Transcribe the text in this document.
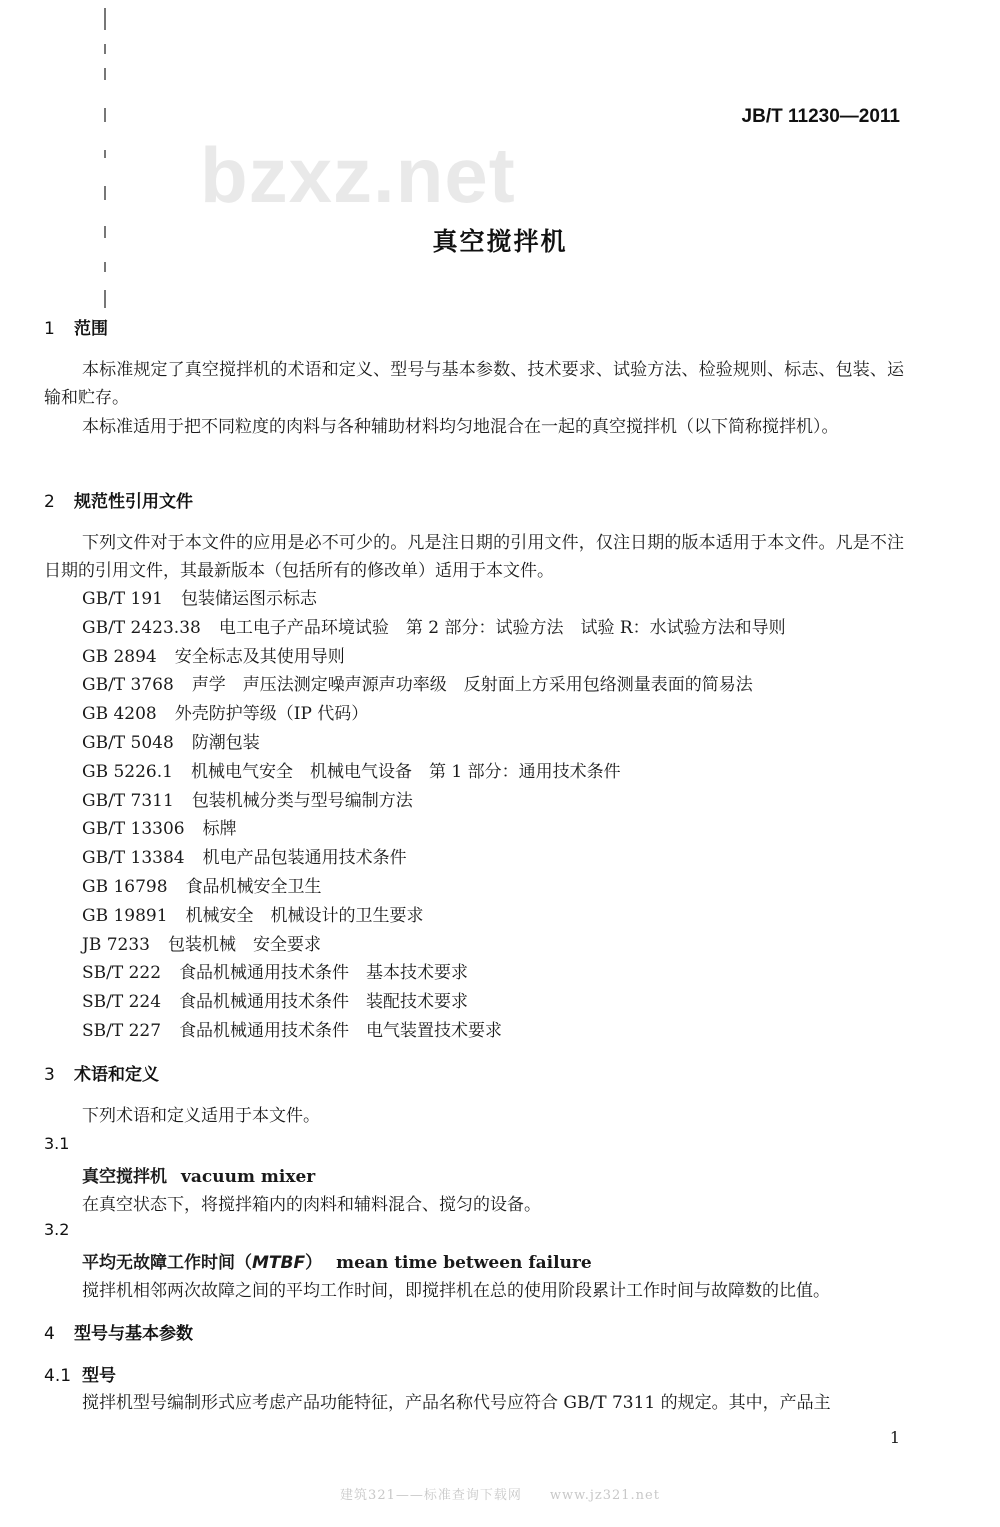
JB/T 11230—2011
bzxz.net
真空搅拌机
1 范围
本标准规定了真空搅拌机的术语和定义、型号与基本参数、技术要求、试验方法、检验规则、标志、包装、运输和贮存。
本标准适用于把不同粒度的肉料与各种辅助材料均匀地混合在一起的真空搅拌机（以下简称搅拌机）。
2 规范性引用文件
下列文件对于本文件的应用是必不可少的。凡是注日期的引用文件，仅注日期的版本适用于本文件。凡是不注日期的引用文件，其最新版本（包括所有的修改单）适用于本文件。
GB/T 191 包装储运图示标志
GB/T 2423.38 电工电子产品环境试验　第 2 部分：试验方法　试验 R：水试验方法和导则
GB 2894 安全标志及其使用导则
GB/T 3768 声学　声压法测定噪声源声功率级　反射面上方采用包络测量表面的简易法
GB 4208 外壳防护等级（IP 代码）
GB/T 5048 防潮包装
GB 5226.1 机械电气安全　机械电气设备　第 1 部分：通用技术条件
GB/T 7311 包装机械分类与型号编制方法
GB/T 13306 标牌
GB/T 13384 机电产品包装通用技术条件
GB 16798 食品机械安全卫生
GB 19891 机械安全　机械设计的卫生要求
JB 7233 包装机械　安全要求
SB/T 222 食品机械通用技术条件　基本技术要求
SB/T 224 食品机械通用技术条件　装配技术要求
SB/T 227 食品机械通用技术条件　电气装置技术要求
3 术语和定义
下列术语和定义适用于本文件。
3.1
真空搅拌机 vacuum mixer
在真空状态下，将搅拌箱内的肉料和辅料混合、搅匀的设备。
3.2
平均无故障工作时间（MTBF） mean time between failure
搅拌机相邻两次故障之间的平均工作时间，即搅拌机在总的使用阶段累计工作时间与故障数的比值。
4 型号与基本参数
4.1 型号
搅拌机型号编制形式应考虑产品功能特征，产品名称代号应符合 GB/T 7311 的规定。其中，产品主
1
建筑321——标准查询下载网　　www.jz321.net
